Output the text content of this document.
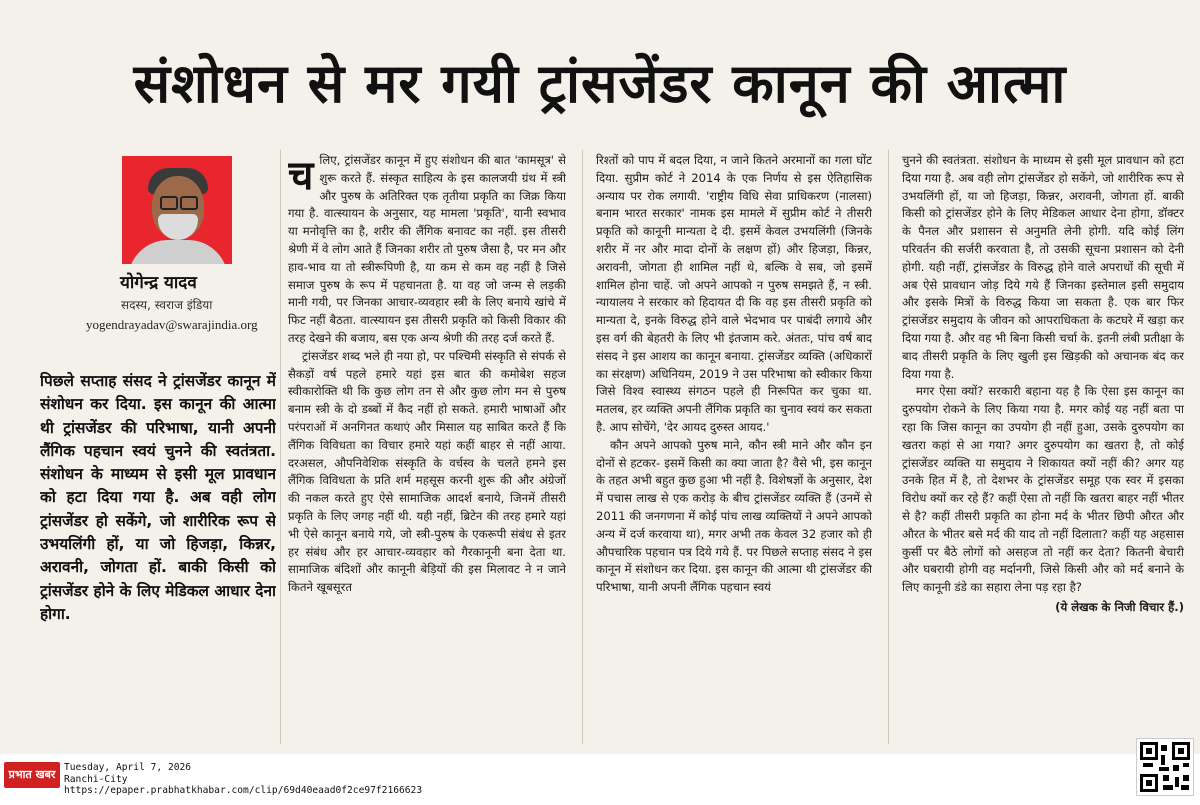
संशोधन से मर गयी ट्रांसजेंडर कानून की आत्मा
योगेन्द्र यादव
सदस्य, स्वराज इंडिया
yogendrayadav@swarajindia.org
पिछले सप्ताह संसद ने ट्रांसजेंडर कानून में संशोधन कर दिया. इस कानून की आत्मा थी ट्रांसजेंडर की परिभाषा, यानी अपनी लैंगिक पहचान स्वयं चुनने की स्वतंत्रता. संशोधन के माध्यम से इसी मूल प्रावधान को हटा दिया गया है. अब वही लोग ट्रांसजेंडर हो सकेंगे, जो शारीरिक रूप से उभयलिंगी हों, या जो हिजड़ा, किन्नर, अरावनी, जोगता हों. बाकी किसी को ट्रांसजेंडर होने के लिए मेडिकल आधार देना होगा.

चलिए, ट्रांसजेंडर कानून में हुए संशोधन की बात 'कामसूत्र' से शुरू करते हैं. संस्कृत साहित्य के इस कालजयी ग्रंथ में स्त्री और पुरुष के अतिरिक्त एक तृतीया प्रकृति का जिक्र किया गया है. वात्स्यायन के अनुसार, यह मामला 'प्रकृति', यानी स्वभाव या मनोवृत्ति का है, शरीर की लैंगिक बनावट का नहीं. इस तीसरी श्रेणी में वे लोग आते हैं जिनका शरीर तो पुरुष जैसा है, पर मन और हाव-भाव या तो स्त्रीरूपिणी है, या कम से कम वह नहीं है जिसे समाज पुरुष के रूप में पहचानता है. या वह जो जन्म से लड़की मानी गयी, पर जिनका आचार-व्यवहार स्त्री के लिए बनाये खांचे में फिट नहीं बैठता. वात्स्यायन इस तीसरी प्रकृति को किसी विकार की तरह देखने की बजाय, बस एक अन्य श्रेणी की तरह दर्ज करते हैं.

ट्रांसजेंडर शब्द भले ही नया हो, पर पश्चिमी संस्कृति से संपर्क से सैकड़ों वर्ष पहले हमारे यहां इस बात की कमोबेश सहज स्वीकारोक्ति थी कि कुछ लोग तन से और कुछ लोग मन से पुरुष बनाम स्त्री के दो डब्बों में कैद नहीं हो सकते. हमारी भाषाओं और परंपराओं में अनगिनत कथाएं और मिसाल यह साबित करते हैं कि लैंगिक विविधता का विचार हमारे यहां कहीं बाहर से नहीं आया. दरअसल, औपनिवेशिक संस्कृति के वर्चस्व के चलते हमने इस लैंगिक विविधता के प्रति शर्म महसूस करनी शुरू की और अंग्रेजों की नकल करते हुए ऐसे सामाजिक आदर्श बनाये, जिनमें तीसरी प्रकृति के लिए जगह नहीं थी. यही नहीं, ब्रिटेन की तरह हमारे यहां भी ऐसे कानून बनाये गये, जो स्त्री-पुरुष के एकरूपी संबंध से इतर हर संबंध और हर आचार-व्यवहार को गैरकानूनी बना देता था. सामाजिक बंदिशों और कानूनी बेड़ियों की इस मिलावट ने न जाने कितने खूबसूरत

रिश्तों को पाप में बदल दिया, न जाने कितने अरमानों का गला घोंट दिया. सुप्रीम कोर्ट ने 2014 के एक निर्णय से इस ऐतिहासिक अन्याय पर रोक लगायी. 'राष्ट्रीय विधि सेवा प्राधिकरण (नालसा) बनाम भारत सरकार' नामक इस मामले में सुप्रीम कोर्ट ने तीसरी प्रकृति को कानूनी मान्यता दे दी. इसमें केवल उभयलिंगी (जिनके शरीर में नर और मादा दोनों के लक्षण हों) और हिजड़ा, किन्नर, अरावनी, जोगता ही शामिल नहीं थे, बल्कि वे सब, जो इसमें शामिल होना चाहें. जो अपने आपको न पुरुष समझते हैं, न स्त्री. न्यायालय ने सरकार को हिदायत दी कि वह इस तीसरी प्रकृति को मान्यता दे, इनके विरुद्ध होने वाले भेदभाव पर पाबंदी लगाये और इस वर्ग की बेहतरी के लिए भी इंतजाम करे. अंततः, पांच वर्ष बाद संसद ने इस आशय का कानून बनाया. ट्रांसजेंडर व्यक्ति (अधिकारों का संरक्षण) अधिनियम, 2019 ने उस परिभाषा को स्वीकार किया जिसे विश्व स्वास्थ्य संगठन पहले ही निरूपित कर चुका था. मतलब, हर व्यक्ति अपनी लैंगिक प्रकृति का चुनाव स्वयं कर सकता है. आप सोचेंगे, 'देर आयद दुरुस्त आयद.'

कौन अपने आपको पुरुष माने, कौन स्त्री माने और कौन इन दोनों से हटकर- इसमें किसी का क्या जाता है? वैसे भी, इस कानून के तहत अभी बहुत कुछ हुआ भी नहीं है. विशेषज्ञों के अनुसार, देश में पचास लाख से एक करोड़ के बीच ट्रांसजेंडर व्यक्ति हैं (उनमें से 2011 की जनगणना में कोई पांच लाख व्यक्तियों ने अपने आपको अन्य में दर्ज करवाया था), मगर अभी तक केवल 32 हजार को ही औपचारिक पहचान पत्र दिये गये हैं. पर पिछले सप्ताह संसद ने इस कानून में संशोधन कर दिया. इस कानून की आत्मा थी ट्रांसजेंडर की परिभाषा, यानी अपनी लैंगिक पहचान स्वयं

चुनने की स्वतंत्रता. संशोधन के माध्यम से इसी मूल प्रावधान को हटा दिया गया है. अब वही लोग ट्रांसजेंडर हो सकेंगे, जो शारीरिक रूप से उभयलिंगी हों, या जो हिजड़ा, किन्नर, अरावनी, जोगता हों. बाकी किसी को ट्रांसजेंडर होने के लिए मेडिकल आधार देना होगा, डॉक्टर के पैनल और प्रशासन से अनुमति लेनी होगी. यदि कोई लिंग परिवर्तन की सर्जरी करवाता है, तो उसकी सूचना प्रशासन को देनी होगी. यही नहीं, ट्रांसजेंडर के विरुद्ध होने वाले अपराधों की सूची में अब ऐसे प्रावधान जोड़ दिये गये हैं जिनका इस्तेमाल इसी समुदाय और इसके मित्रों के विरुद्ध किया जा सकता है. एक बार फिर ट्रांसजेंडर समुदाय के जीवन को आपराधिकता के कटघरे में खड़ा कर दिया गया है. और वह भी बिना किसी चर्चा के. इतनी लंबी प्रतीक्षा के बाद तीसरी प्रकृति के लिए खुली इस खिड़की को अचानक बंद कर दिया गया है.

मगर ऐसा क्यों? सरकारी बहाना यह है कि ऐसा इस कानून का दुरुपयोग रोकने के लिए किया गया है. मगर कोई यह नहीं बता पा रहा कि जिस कानून का उपयोग ही नहीं हुआ, उसके दुरुपयोग का खतरा कहां से आ गया? अगर दुरुपयोग का खतरा है, तो कोई ट्रांसजेंडर व्यक्ति या समुदाय ने शिकायत क्यों नहीं की? अगर यह उनके हित में है, तो देशभर के ट्रांसजेंडर समूह एक स्वर में इसका विरोध क्यों कर रहे हैं? कहीं ऐसा तो नहीं कि खतरा बाहर नहीं भीतर से है? कहीं तीसरी प्रकृति का होना मर्द के भीतर छिपी औरत और औरत के भीतर बसे मर्द की याद तो नहीं दिलाता? कहीं यह अहसास कुर्सी पर बैठे लोगों को असहज तो नहीं कर देता? कितनी बेचारी और घबरायी होगी वह मर्दानगी, जिसे किसी और को मर्द बनाने के लिए कानूनी डंडे का सहारा लेना पड़ रहा है?

(ये लेखक के निजी विचार हैं.)
प्रभात खबर
Tuesday, April 7, 2026
Ranchi-City
https://epaper.prabhatkhabar.com/clip/69d40eaad0f2ce97f2166623
